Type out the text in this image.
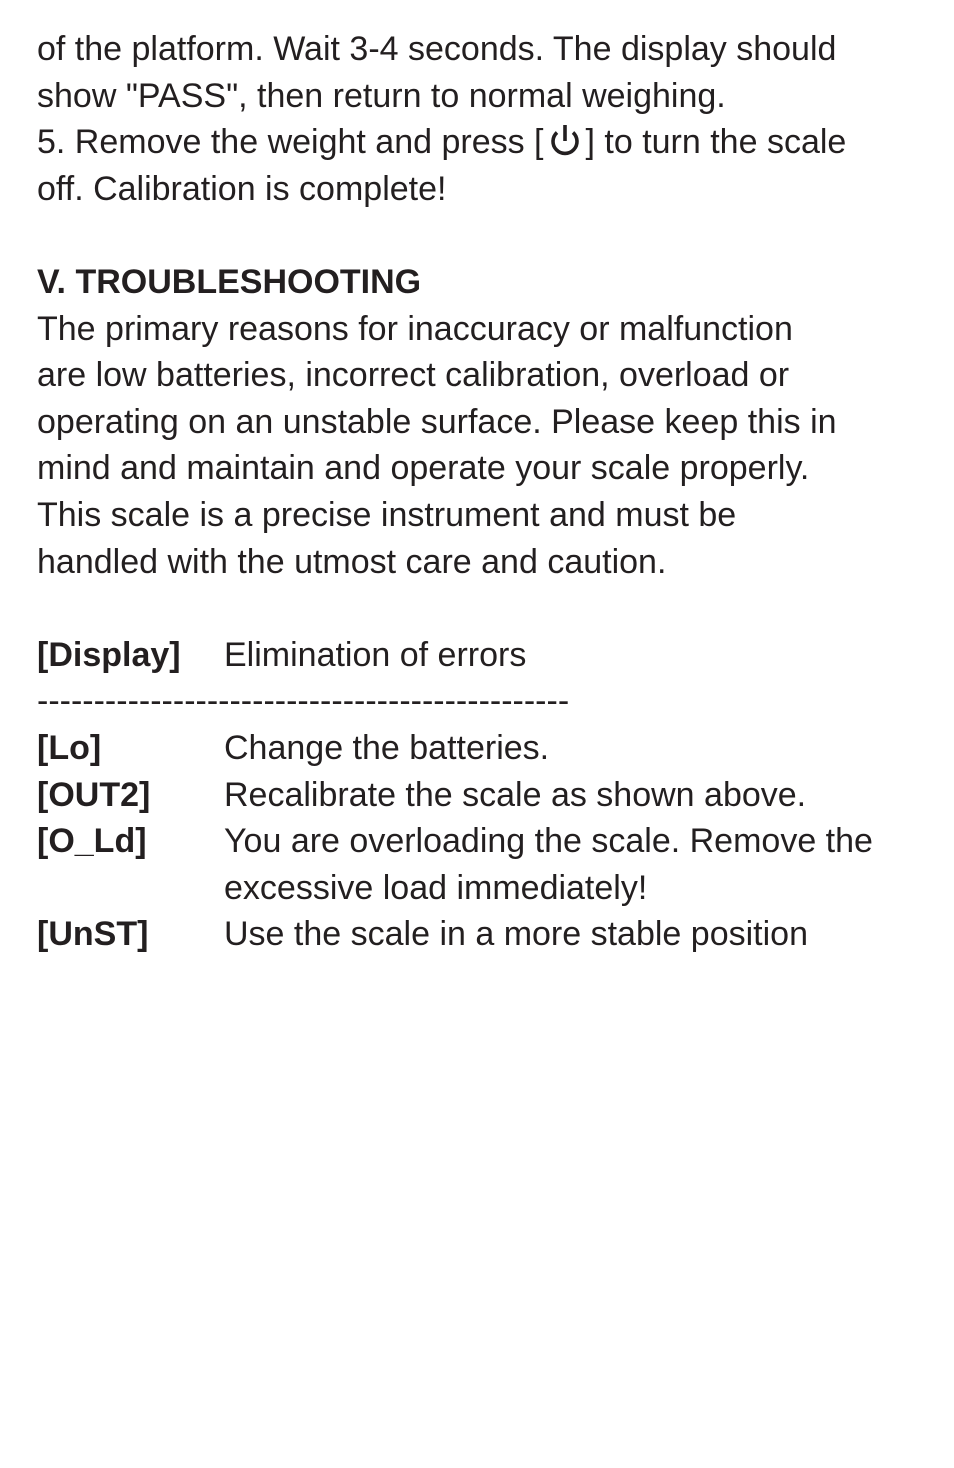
of the platform. Wait 3-4 seconds. The display should
show "PASS", then return to normal weighing.
5. Remove the weight and press [ ] to turn the scale
off. Calibration is complete!
V. TROUBLESHOOTING
The primary reasons for inaccuracy or malfunction
are low batteries, incorrect calibration, overload or
operating on an unstable surface. Please keep this in
mind and maintain and operate your scale properly.
This scale is a precise instrument and must be
handled with the utmost care and caution.
[Display]	Elimination of errors
-----------------------------------------------
[Lo]	Change the batteries.
[OUT2]	Recalibrate the scale as shown above.
[O_Ld]	You are overloading the scale. Remove the
excessive load immediately!
[UnST]	Use the scale in a more stable position
